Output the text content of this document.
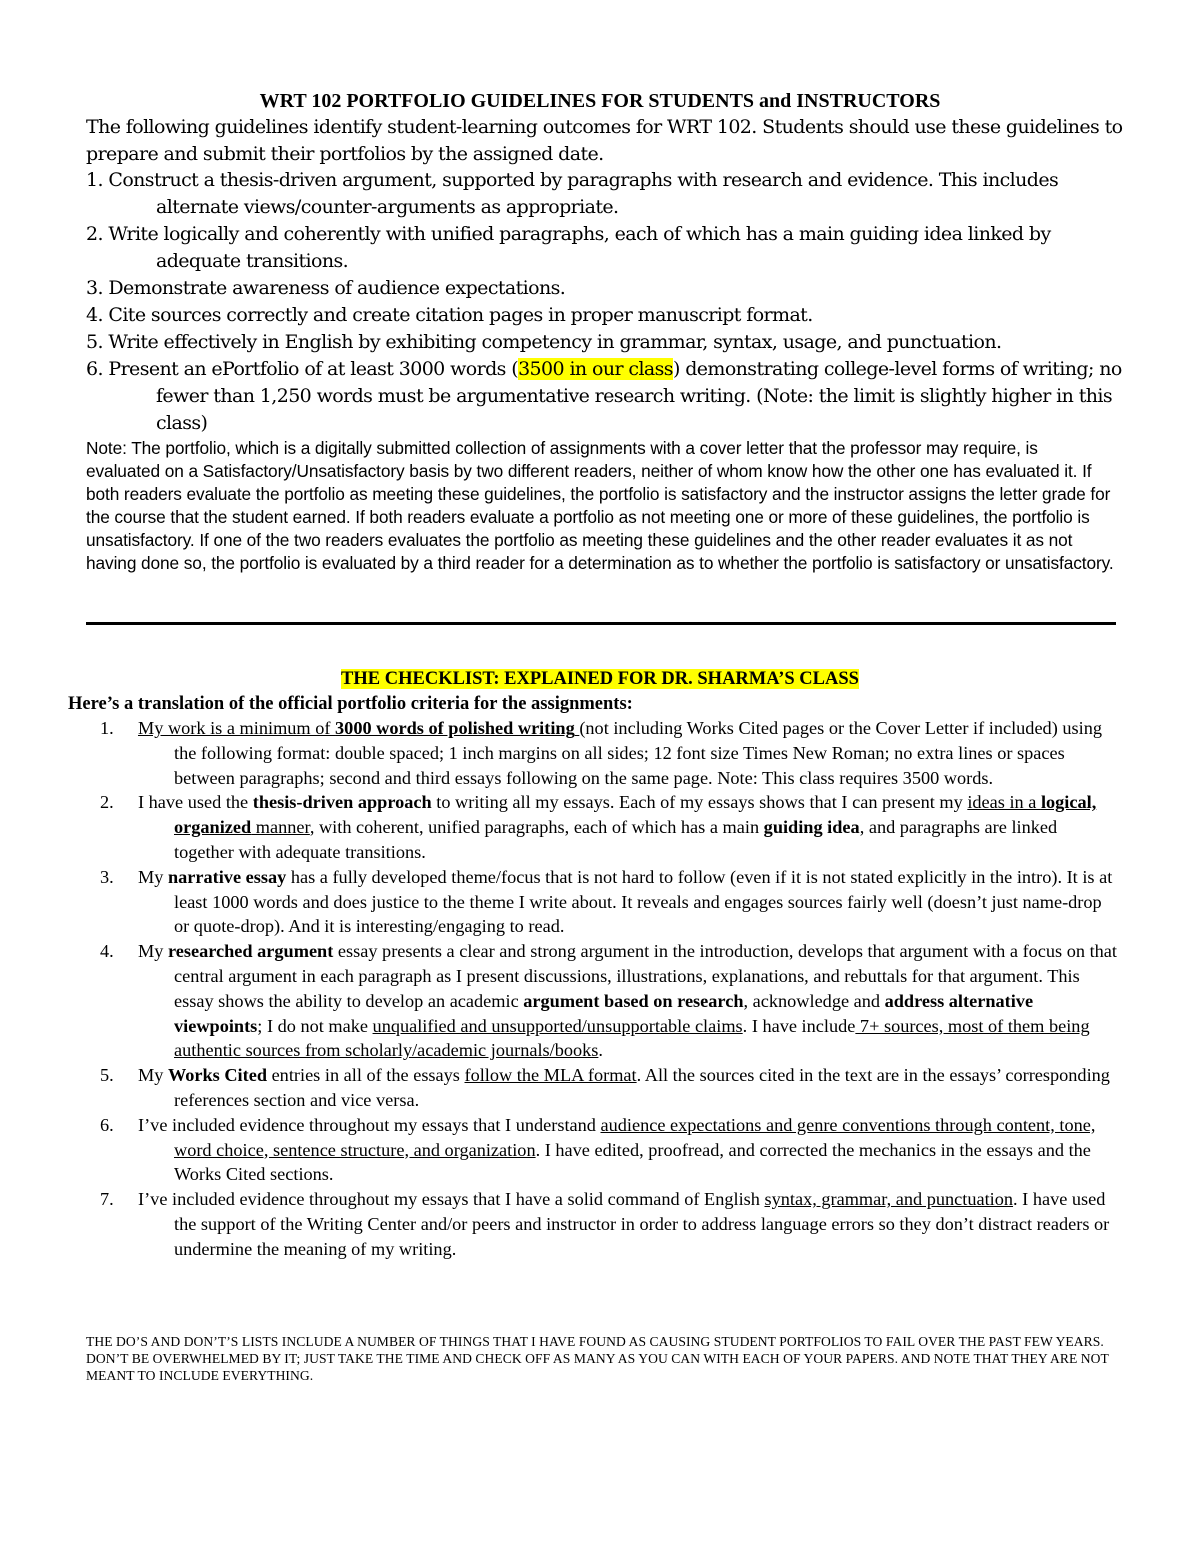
WRT 102 PORTFOLIO GUIDELINES FOR STUDENTS and INSTRUCTORS
The following guidelines identify student-learning outcomes for WRT 102. Students should use these guidelines to prepare and submit their portfolios by the assigned date.
1. Construct a thesis-driven argument, supported by paragraphs with research and evidence. This includes alternate views/counter-arguments as appropriate.
2. Write logically and coherently with unified paragraphs, each of which has a main guiding idea linked by adequate transitions.
3. Demonstrate awareness of audience expectations.
4. Cite sources correctly and create citation pages in proper manuscript format.
5. Write effectively in English by exhibiting competency in grammar, syntax, usage, and punctuation.
6. Present an ePortfolio of at least 3000 words (3500 in our class) demonstrating college-level forms of writing; no fewer than 1,250 words must be argumentative research writing. (Note: the limit is slightly higher in this class)
Note: The portfolio, which is a digitally submitted collection of assignments with a cover letter that the professor may require, is evaluated on a Satisfactory/Unsatisfactory basis by two different readers, neither of whom know how the other one has evaluated it. If both readers evaluate the portfolio as meeting these guidelines, the portfolio is satisfactory and the instructor assigns the letter grade for the course that the student earned. If both readers evaluate a portfolio as not meeting one or more of these guidelines, the portfolio is unsatisfactory. If one of the two readers evaluates the portfolio as meeting these guidelines and the other reader evaluates it as not having done so, the portfolio is evaluated by a third reader for a determination as to whether the portfolio is satisfactory or unsatisfactory.
THE CHECKLIST: EXPLAINED FOR DR. SHARMA’S CLASS
Here’s a translation of the official portfolio criteria for the assignments:
1. My work is a minimum of 3000 words of polished writing (not including Works Cited pages or the Cover Letter if included) using the following format: double spaced; 1 inch margins on all sides; 12 font size Times New Roman; no extra lines or spaces between paragraphs; second and third essays following on the same page. Note: This class requires 3500 words.
2. I have used the thesis-driven approach to writing all my essays. Each of my essays shows that I can present my ideas in a logical, organized manner, with coherent, unified paragraphs, each of which has a main guiding idea, and paragraphs are linked together with adequate transitions.
3. My narrative essay has a fully developed theme/focus that is not hard to follow (even if it is not stated explicitly in the intro). It is at least 1000 words and does justice to the theme I write about. It reveals and engages sources fairly well (doesn’t just name-drop or quote-drop). And it is interesting/engaging to read.
4. My researched argument essay presents a clear and strong argument in the introduction, develops that argument with a focus on that central argument in each paragraph as I present discussions, illustrations, explanations, and rebuttals for that argument. This essay shows the ability to develop an academic argument based on research, acknowledge and address alternative viewpoints; I do not make unqualified and unsupported/unsupportable claims. I have include 7+ sources, most of them being authentic sources from scholarly/academic journals/books.
5. My Works Cited entries in all of the essays follow the MLA format. All the sources cited in the text are in the essays’ corresponding references section and vice versa.
6. I’ve included evidence throughout my essays that I understand audience expectations and genre conventions through content, tone, word choice, sentence structure, and organization. I have edited, proofread, and corrected the mechanics in the essays and the Works Cited sections.
7. I’ve included evidence throughout my essays that I have a solid command of English syntax, grammar, and punctuation. I have used the support of the Writing Center and/or peers and instructor in order to address language errors so they don’t distract readers or undermine the meaning of my writing.
THE DO’S AND DON’T’S LISTS INCLUDE A NUMBER OF THINGS THAT I HAVE FOUND AS CAUSING STUDENT PORTFOLIOS TO FAIL OVER THE PAST FEW YEARS. DON’T BE OVERWHELMED BY IT; JUST TAKE THE TIME AND CHECK OFF AS MANY AS YOU CAN WITH EACH OF YOUR PAPERS. AND NOTE THAT THEY ARE NOT MEANT TO INCLUDE EVERYTHING.
